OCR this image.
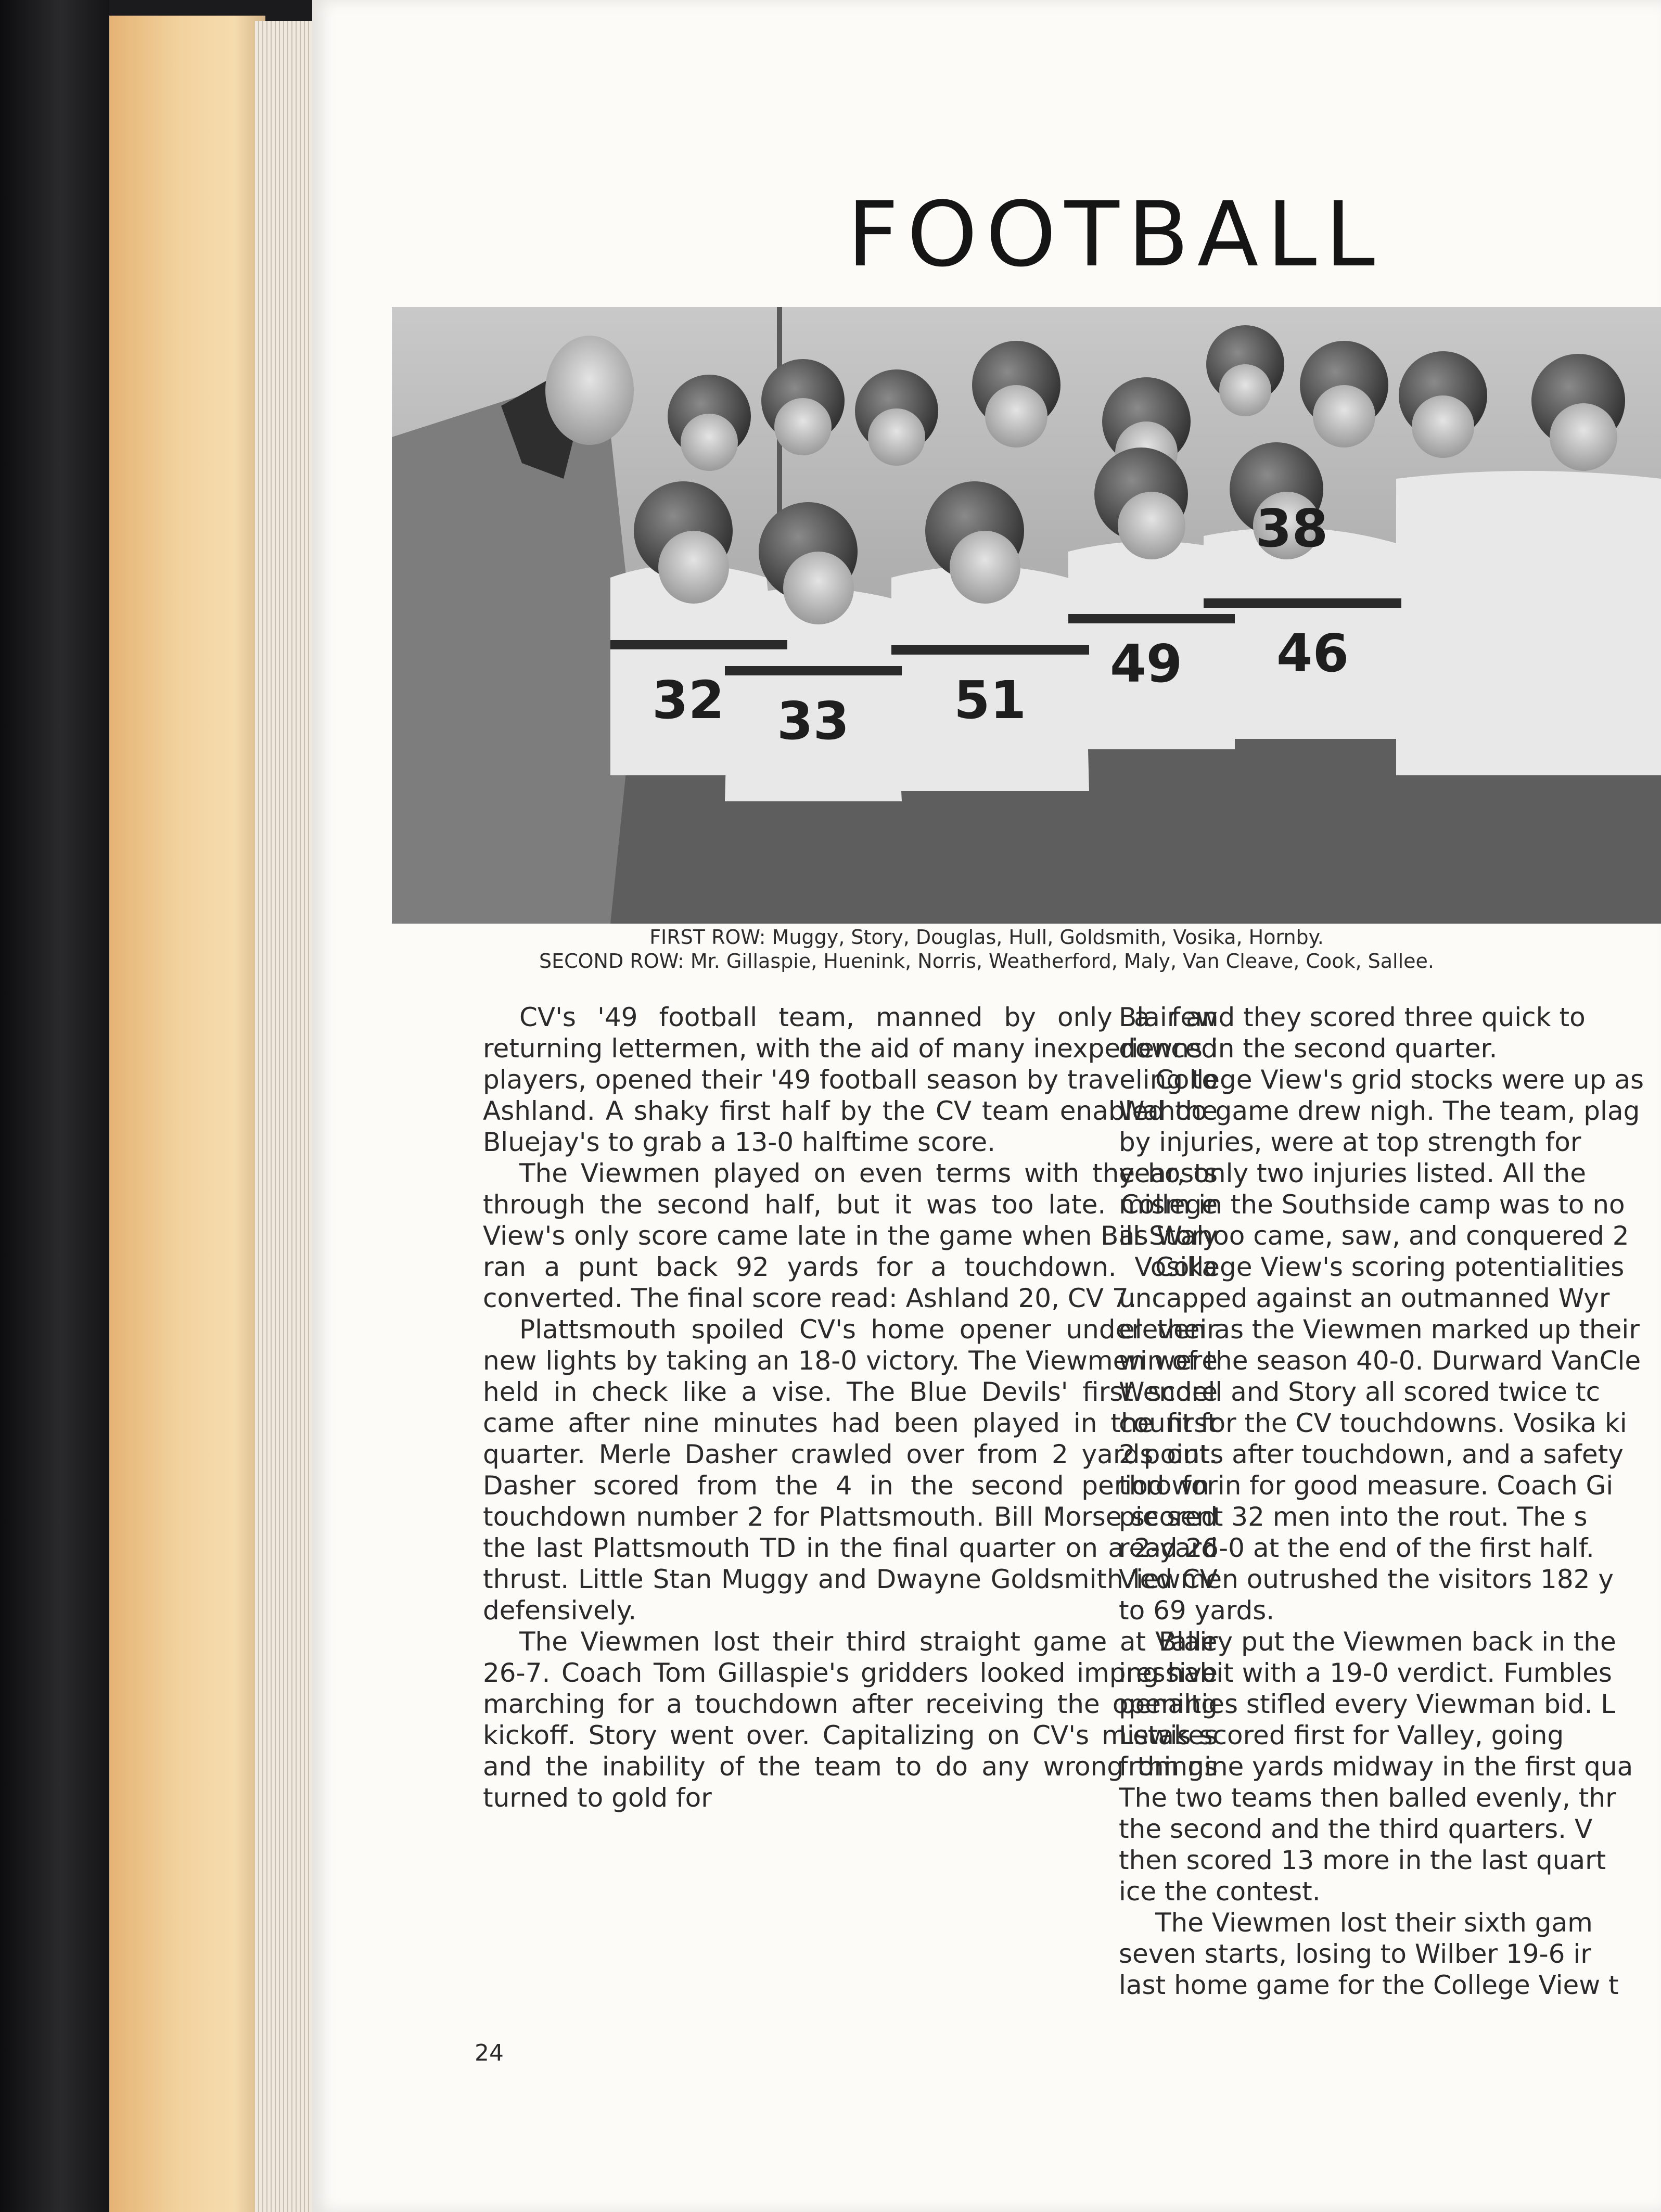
FOOTBALL
32 33 51
49 46
38

FIRST ROW: Muggy, Story, Douglas, Hull, Goldsmith, Vosika, Hornby.

SECOND ROW: Mr. Gillaspie, Huenink, Norris, Weatherford, Maly, Van Cleave, Cook, Sallee.

CV's '49 football team, manned by only a few returning lettermen, with the aid of many inexperienced players, opened their '49 football season by traveling to Ashland. A shaky first half by the CV team enabled the Bluejay's to grab a 13-0 halftime score.

The Viewmen played on even terms with the hosts through the second half, but it was too late. College View's only score came late in the game when Bill Story ran a punt back 92 yards for a touchdown. Vosika converted. The final score read: Ashland 20, CV 7.

Plattsmouth spoiled CV's home opener under their new lights by taking an 18-0 victory. The Viewmen were held in check like a vise. The Blue Devils' first score came after nine minutes had been played in the first quarter. Merle Dasher crawled over from 2 yards out. Dasher scored from the 4 in the second period for touchdown number 2 for Plattsmouth. Bill Morse scored the last Plattsmouth TD in the final quarter on a 2-yard thrust. Little Stan Muggy and Dwayne Goldsmith led CV defensively.

The Viewmen lost their third straight game at Blair 26-7. Coach Tom Gillaspie's gridders looked impressive marching for a touchdown after receiving the opening kickoff. Story went over. Capitalizing on CV's mistakes and the inability of the team to do any wrong things turned to gold for

Blair and they scored three quick to

downs in the second quarter.

College View's grid stocks were up as

Wahoo game drew nigh. The team, plag

by injuries, were at top strength for

year, only two injuries listed. All the

mism in the Southside camp was to no

as Wahoo came, saw, and conquered 2

College View's scoring potentialities

uncapped against an outmanned Wyr

eleven as the Viewmen marked up their

win of the season 40-0. Durward VanCle

Wendell and Story all scored twice tc

count for the CV touchdowns. Vosika ki

2 points after touchdown, and a safety

thrown in for good measure. Coach Gi

pie sent 32 men into the rout. The s

read 26-0 at the end of the first half.

Viewmen outrushed the visitors 182 y

to 69 yards.

Valley put the Viewmen back in the

ing habit with a 19-0 verdict. Fumbles

penalties stifled every Viewman bid. L

Lewis scored first for Valley, going

from nine yards midway in the first qua

The two teams then balled evenly, thr

the second and the third quarters. V

then scored 13 more in the last quart

ice the contest.

The Viewmen lost their sixth gam

seven starts, losing to Wilber 19-6 ir

last home game for the College View t

24
